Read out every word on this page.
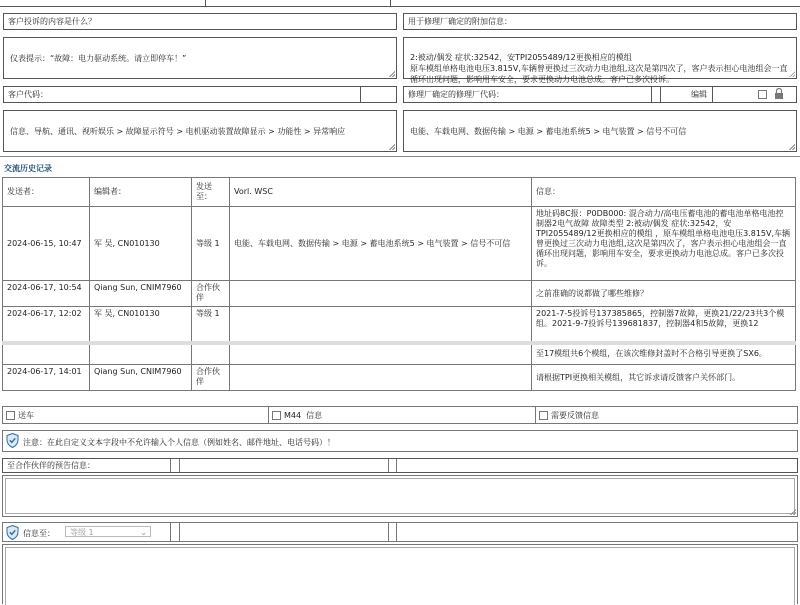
客户投诉的内容是什么？	用于修理厂确定的附加信息：
仪表提示：“故障：电力驱动系统。请立即停车！”	2:被动/偶发 症状:32542，安TPI2055489/12更换相应的模组
原车模组单格电池电压3.815V,车辆曾更换过三次动力电池组,这次是第四次了，客户表示担心电池组会一直循环出现问题，影响用车安全，要求更换动力电池总成。客户已多次投诉。

客户代码：	修理厂确定的修理厂代码：	编辑
信息、导航、通讯、视听娱乐 > 故障显示符号 > 电机驱动装置故障显示 > 功能性 > 异常响应	电能、车载电网、数据传输 > 电源 > 蓄电池系统5 > 电气装置 > 信号不可信
交流历史记录
发送者：	编辑者：	发送至：	Vorl. WSC	信息：
2024-06-15, 10:47	军 吴, CN010130	等级 1	电能、车载电网、数据传输 > 电源 > 蓄电池系统5 > 电气装置 > 信号不可信	地址码8C报：P0DB000: 混合动力/高电压蓄电池的蓄电池单格电池控制器2电气故障 故障类型 2:被动/偶发 症状:32542，安TPI2055489/12更换相应的模组 ，原车模组单格电池电压3.815V,车辆曾更换过三次动力电池组,这次是第四次了，客户表示担心电池组会一直循环出现问题，影响用车安全，要求更换动力电池总成。客户已多次投诉。
2024-06-17, 10:54	Qiang Sun, CNIM7960	合作伙伴		之前准确的说都做了哪些维修？
2024-06-17, 12:02	军 吴, CN010130	等级 1		2021-7-5投诉号137385865，控制器7故障，更换21/22/23共3个模组。2021-9-7投诉号139681837，控制器4和5故障，更换12
				至17模组共6个模组，在该次维修封盖时不合格引导更换了SX6。
2024-06-17, 14:01	Qiang Sun, CNIM7960	合作伙伴		请根据TPI更换相关模组，其它诉求请反馈客户关怀部门。
送车	M44  信息	需要反馈信息
注意：在此自定义文本字段中不允许输入个人信息（例如姓名、邮件地址、电话号码）！
至合作伙伴的预告信息：
信息至： 等级 1	⌄
